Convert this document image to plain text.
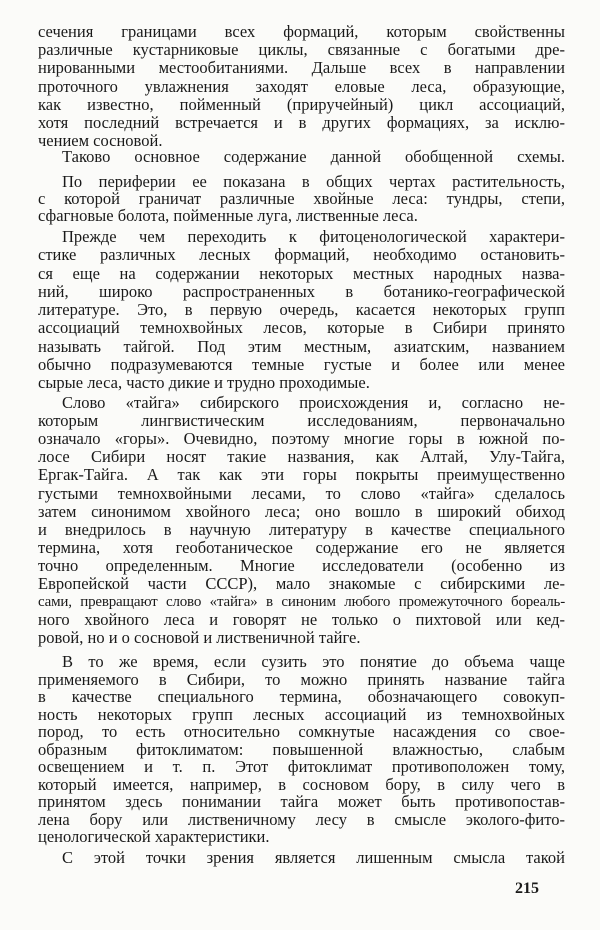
сечения границами всех формаций, которым свойственны
различные кустарниковые циклы, связанные с богатыми дре-
нированными местообитаниями. Дальше всех в направлении
проточного увлажнения заходят еловые леса, образующие,
как известно, пойменный (приручейный) цикл ассоциаций,
хотя последний встречается и в других формациях, за исклю-
чением сосновой.
Таково основное содержание данной обобщенной схемы.
По периферии ее показана в общих чертах растительность,
с которой граничат различные хвойные леса: тундры, степи,
сфагновые болота, пойменные луга, лиственные леса.
Прежде чем переходить к фитоценологической характери-
стике различных лесных формаций, необходимо остановить-
ся еще на содержании некоторых местных народных назва-
ний, широко распространенных в ботанико-географической
литературе. Это, в первую очередь, касается некоторых групп
ассоциаций темнохвойных лесов, которые в Сибири принято
называть тайгой. Под этим местным, азиатским, названием
обычно подразумеваются темные густые и более или менее
сырые леса, часто дикие и трудно проходимые.
Слово «тайга» сибирского происхождения и, согласно не-
которым лингвистическим исследованиям, первоначально
означало «горы». Очевидно, поэтому многие горы в южной по-
лосе Сибири носят такие названия, как Алтай, Улу-Тайга,
Ергак-Тайга. А так как эти горы покрыты преимущественно
густыми темнохвойными лесами, то слово «тайга» сделалось
затем синонимом хвойного леса; оно вошло в широкий обиход
и внедрилось в научную литературу в качестве специального
термина, хотя геоботаническое содержание его не является
точно определенным. Многие исследователи (особенно из
Европейской части СССР), мало знакомые с сибирскими ле-
сами, превращают слово «тайга» в синоним любого промежуточного бореаль-
ного хвойного леса и говорят не только о пихтовой или кед-
ровой, но и о сосновой и лиственичной тайге.
В то же время, если сузить это понятие до объема чаще
применяемого в Сибири, то можно принять название тайга
в качестве специального термина, обозначающего совокуп-
ность некоторых групп лесных ассоциаций из темнохвойных
пород, то есть относительно сомкнутые насаждения со свое-
образным фитоклиматом: повышенной влажностью, слабым
освещением и т. п. Этот фитоклимат противоположен тому,
который имеется, например, в сосновом бору, в силу чего в
принятом здесь понимании тайга может быть противопостав-
лена бору или лиственичному лесу в смысле эколого-фито-
ценологической характеристики.
С этой точки зрения является лишенным смысла такой
215
